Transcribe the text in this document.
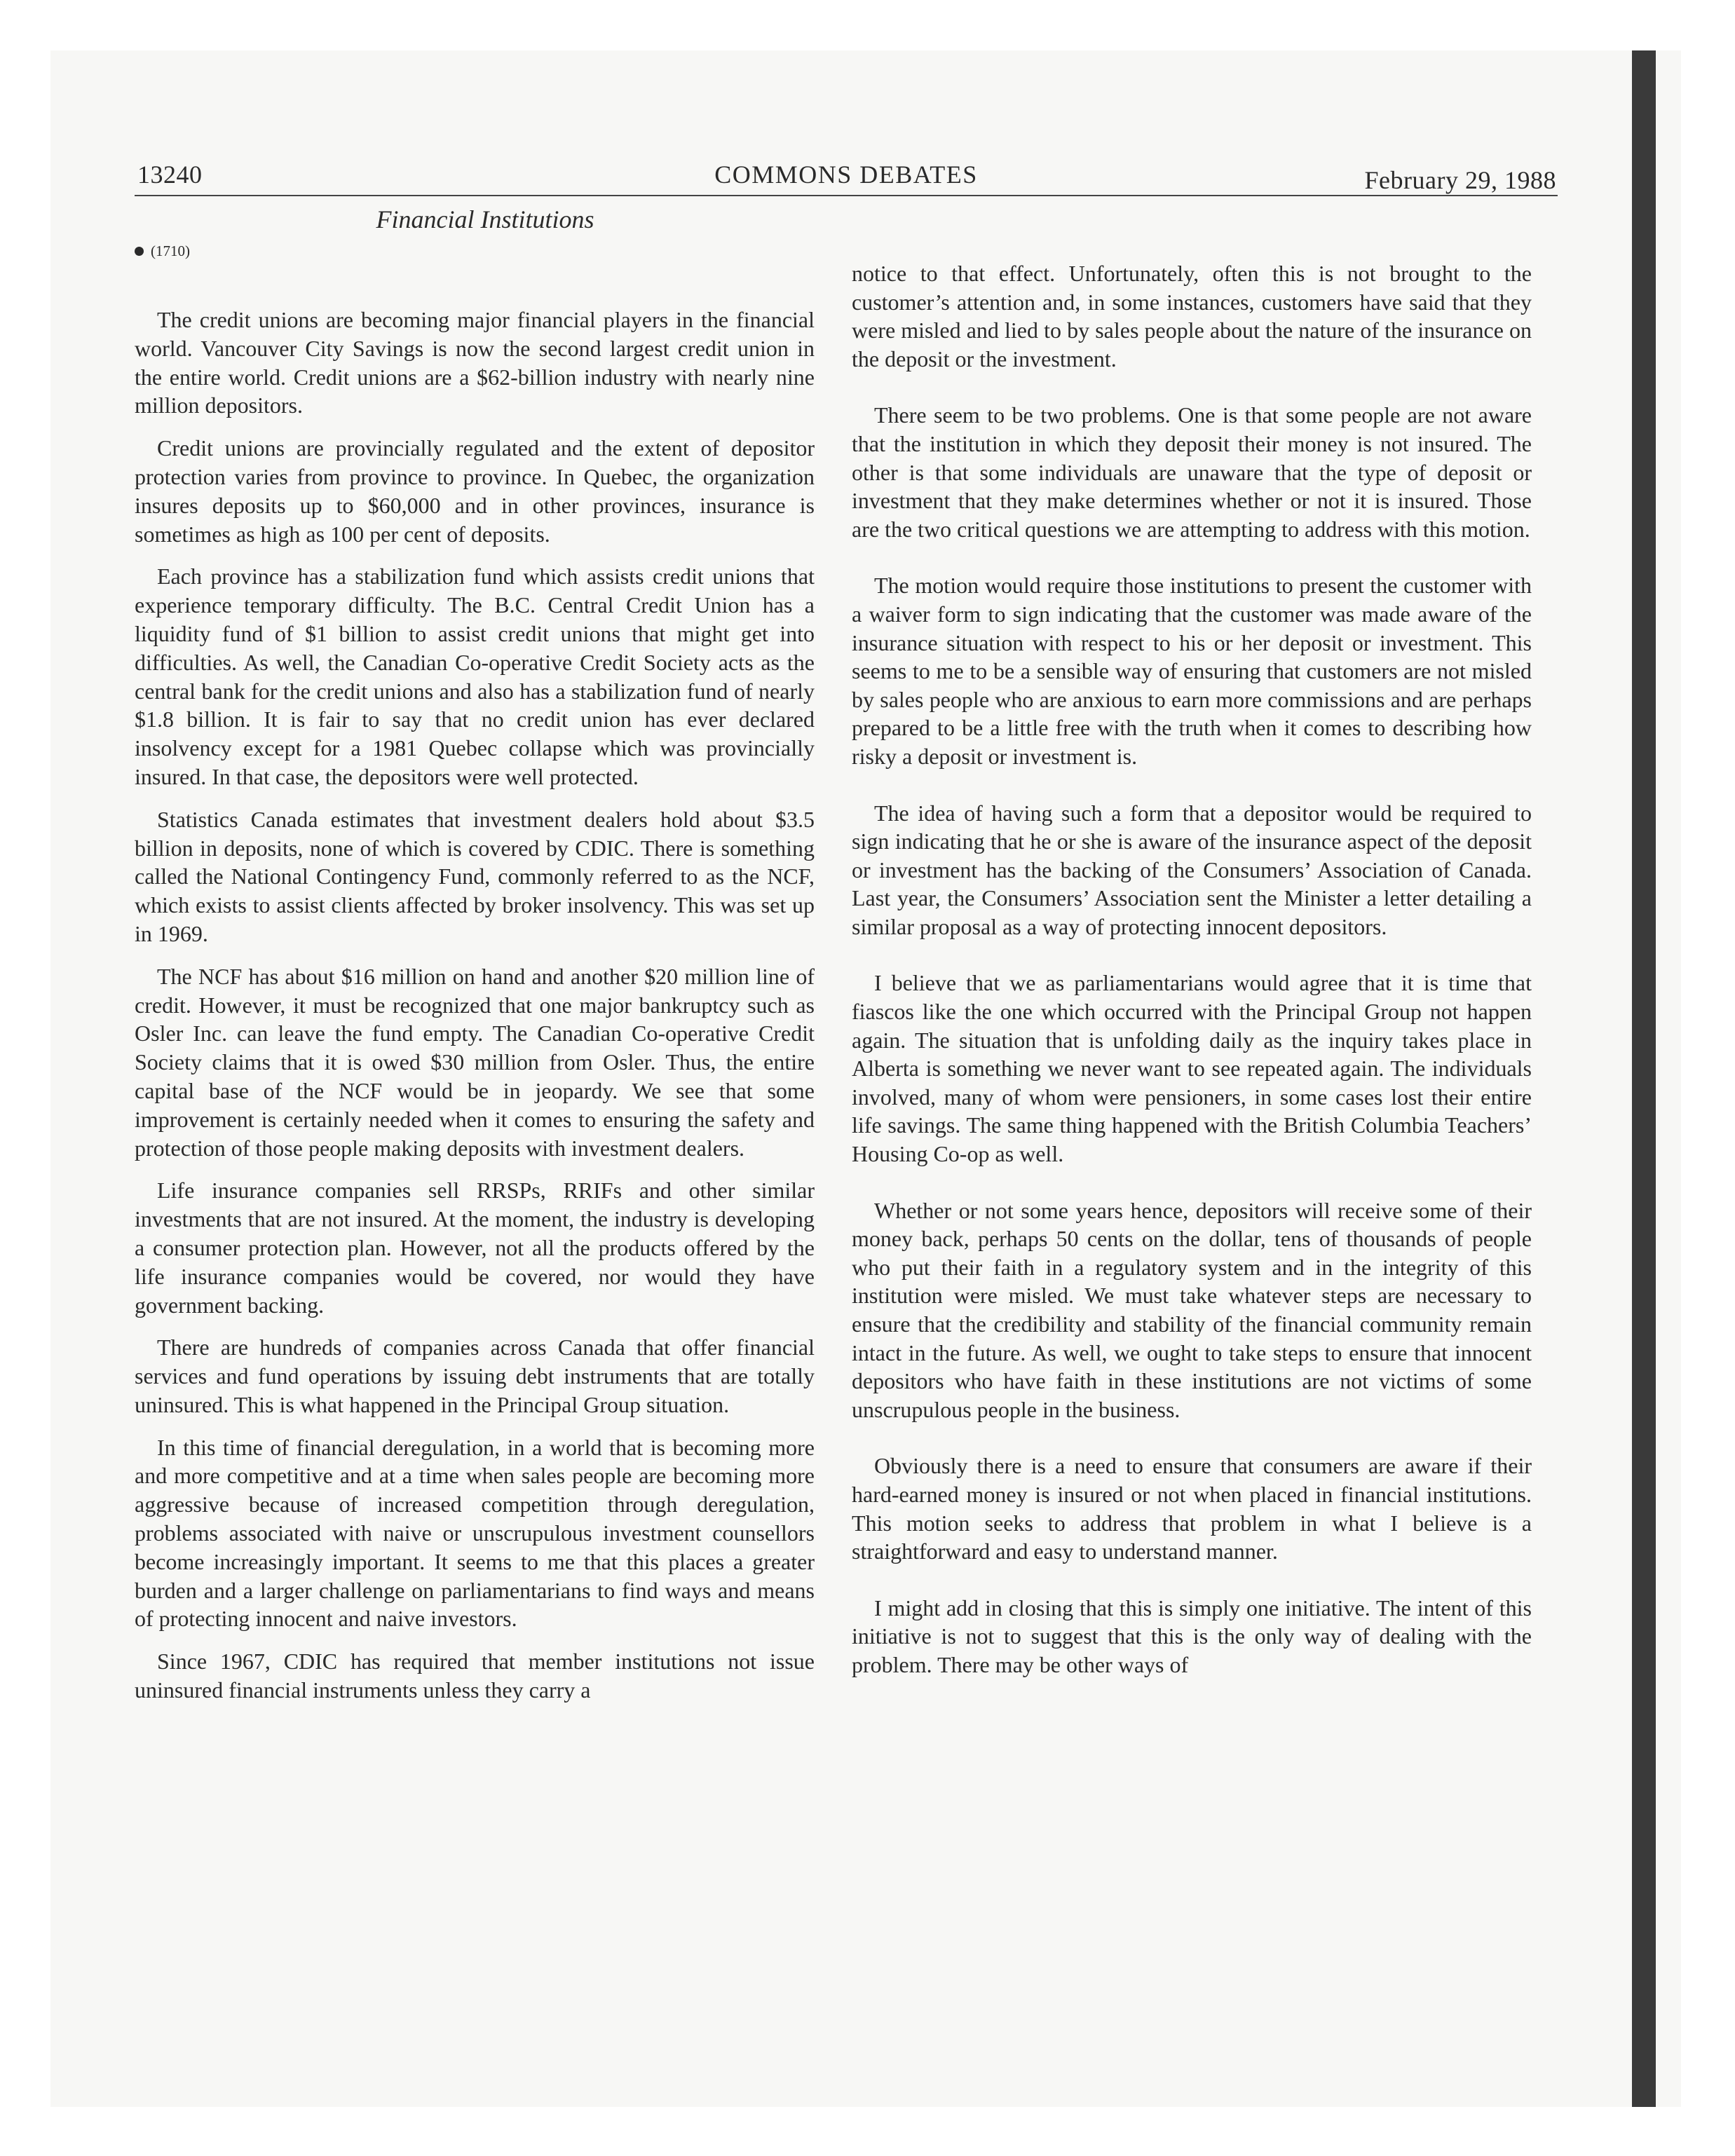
13240	COMMONS DEBATES	February 29, 1988
Financial Institutions
(1710)

The credit unions are becoming major financial players in the financial world. Vancouver City Savings is now the second largest credit union in the entire world. Credit unions are a $62-billion industry with nearly nine million depositors.

Credit unions are provincially regulated and the extent of depositor protection varies from province to province. In Quebec, the organization insures deposits up to $60,000 and in other provinces, insurance is sometimes as high as 100 per cent of deposits.

Each province has a stabilization fund which assists credit unions that experience temporary difficulty. The B.C. Central Credit Union has a liquidity fund of $1 billion to assist credit unions that might get into difficulties. As well, the Canadian Co-operative Credit Society acts as the central bank for the credit unions and also has a stabilization fund of nearly $1.8 billion. It is fair to say that no credit union has ever declared insolvency except for a 1981 Quebec collapse which was provincially insured. In that case, the depositors were well protected.

Statistics Canada estimates that investment dealers hold about $3.5 billion in deposits, none of which is covered by CDIC. There is something called the National Contingency Fund, commonly referred to as the NCF, which exists to assist clients affected by broker insolvency. This was set up in 1969.

The NCF has about $16 million on hand and another $20 million line of credit. However, it must be recognized that one major bankruptcy such as Osler Inc. can leave the fund empty. The Canadian Co-operative Credit Society claims that it is owed $30 million from Osler. Thus, the entire capital base of the NCF would be in jeopardy. We see that some improvement is certainly needed when it comes to ensuring the safety and protection of those people making deposits with investment dealers.

Life insurance companies sell RRSPs, RRIFs and other similar investments that are not insured. At the moment, the industry is developing a consumer protection plan. However, not all the products offered by the life insurance companies would be covered, nor would they have government backing.

There are hundreds of companies across Canada that offer financial services and fund operations by issuing debt instruments that are totally uninsured. This is what happened in the Principal Group situation.

In this time of financial deregulation, in a world that is becoming more and more competitive and at a time when sales people are becoming more aggressive because of increased competition through deregulation, problems associated with naive or unscrupulous investment counsellors become increasingly important. It seems to me that this places a greater burden and a larger challenge on parliamentarians to find ways and means of protecting innocent and naive investors.

Since 1967, CDIC has required that member institutions not issue uninsured financial instruments unless they carry a

notice to that effect. Unfortunately, often this is not brought to the customer’s attention and, in some instances, customers have said that they were misled and lied to by sales people about the nature of the insurance on the deposit or the investment.

There seem to be two problems. One is that some people are not aware that the institution in which they deposit their money is not insured. The other is that some individuals are unaware that the type of deposit or investment that they make determines whether or not it is insured. Those are the two critical questions we are attempting to address with this motion.

The motion would require those institutions to present the customer with a waiver form to sign indicating that the customer was made aware of the insurance situation with respect to his or her deposit or investment. This seems to me to be a sensible way of ensuring that customers are not misled by sales people who are anxious to earn more commissions and are perhaps prepared to be a little free with the truth when it comes to describing how risky a deposit or investment is.

The idea of having such a form that a depositor would be required to sign indicating that he or she is aware of the insurance aspect of the deposit or investment has the backing of the Consumers’ Association of Canada. Last year, the Consumers’ Association sent the Minister a letter detailing a similar proposal as a way of protecting innocent depositors.

I believe that we as parliamentarians would agree that it is time that fiascos like the one which occurred with the Principal Group not happen again. The situation that is unfolding daily as the inquiry takes place in Alberta is something we never want to see repeated again. The individuals involved, many of whom were pensioners, in some cases lost their entire life savings. The same thing happened with the British Columbia Teachers’ Housing Co-op as well.

Whether or not some years hence, depositors will receive some of their money back, perhaps 50 cents on the dollar, tens of thousands of people who put their faith in a regulatory system and in the integrity of this institution were misled. We must take whatever steps are necessary to ensure that the credibility and stability of the financial community remain intact in the future. As well, we ought to take steps to ensure that innocent depositors who have faith in these institutions are not victims of some unscrupulous people in the business.

Obviously there is a need to ensure that consumers are aware if their hard-earned money is insured or not when placed in financial institutions. This motion seeks to address that problem in what I believe is a straightforward and easy to understand manner.

I might add in closing that this is simply one initiative. The intent of this initiative is not to suggest that this is the only way of dealing with the problem. There may be other ways of
